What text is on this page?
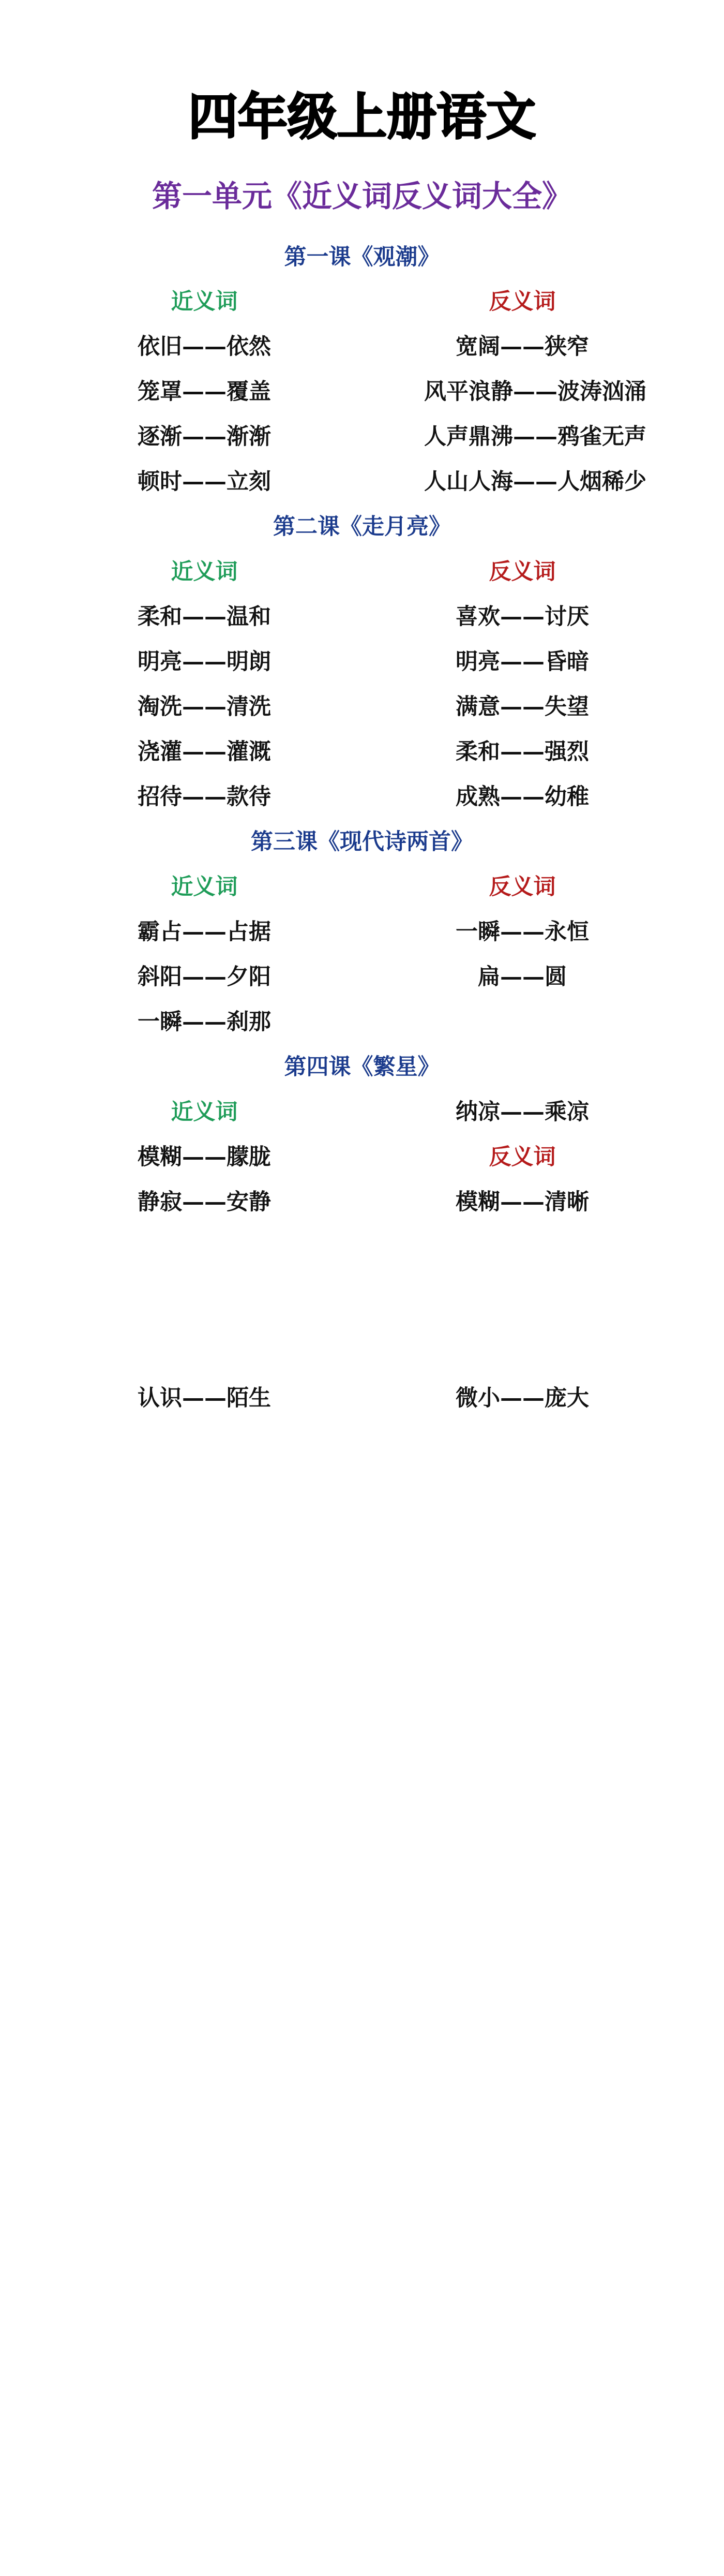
四年级上册语文
第一单元《近义词反义词大全》
第一课《观潮》
近义词	反义词
依旧——依然	宽阔——狭窄
笼罩——覆盖	风平浪静——波涛汹涌
逐渐——渐渐	人声鼎沸——鸦雀无声
顿时——立刻	人山人海——人烟稀少
第二课《走月亮》
近义词	反义词
柔和——温和	喜欢——讨厌
明亮——明朗	明亮——昏暗
淘洗——清洗	满意——失望
浇灌——灌溉	柔和——强烈
招待——款待	成熟——幼稚
第三课《现代诗两首》
近义词	反义词
霸占——占据	一瞬——永恒
斜阳——夕阳	扁——圆
一瞬——刹那
第四课《繁星》
近义词	纳凉——乘凉
模糊——朦胧	反义词
静寂——安静	模糊——清晰
认识——陌生	微小——庞大
